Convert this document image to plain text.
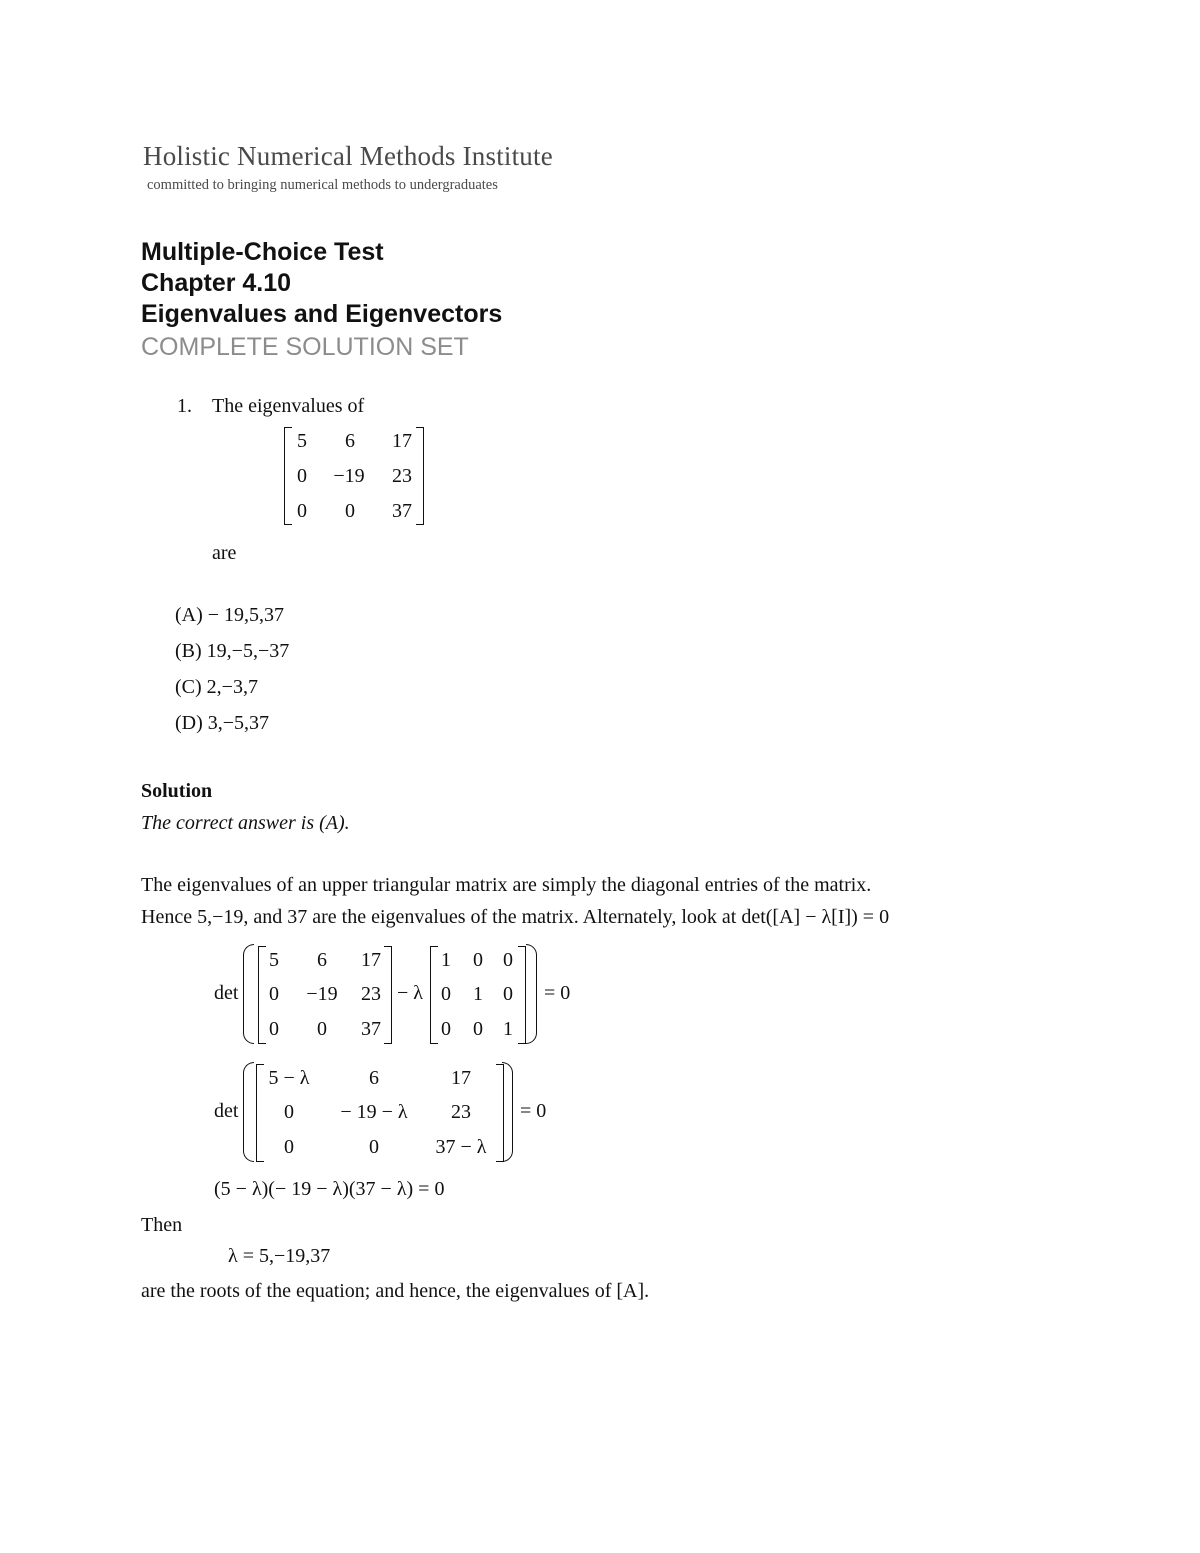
Holistic Numerical Methods Institute
committed to bringing numerical methods to undergraduates
Multiple-Choice Test
Chapter 4.10
Eigenvalues and Eigenvectors
COMPLETE SOLUTION SET
1. The eigenvalues of
5	6	17
0	−19	23
0	0	37
are
(A) − 19,5,37
(B) 19,−5,−37
(C) 2,−3,7
(D) 3,−5,37
Solution
The correct answer is (A).
The eigenvalues of an upper triangular matrix are simply the diagonal entries of the matrix.
Hence 5,−19, and 37 are the eigenvalues of the matrix. Alternately, look at det([A] − λ[I]) = 0
det
5	6	17
0	−19	23
0	0	37
− λ
1 0 0
0 1 0
0 0 1
= 0
det
5 − λ	6	17
0	− 19 − λ	23
0	0	37 − λ
= 0
(5 − λ)(− 19 − λ)(37 − λ) = 0
Then
λ = 5,−19,37
are the roots of the equation; and hence, the eigenvalues of [A].
